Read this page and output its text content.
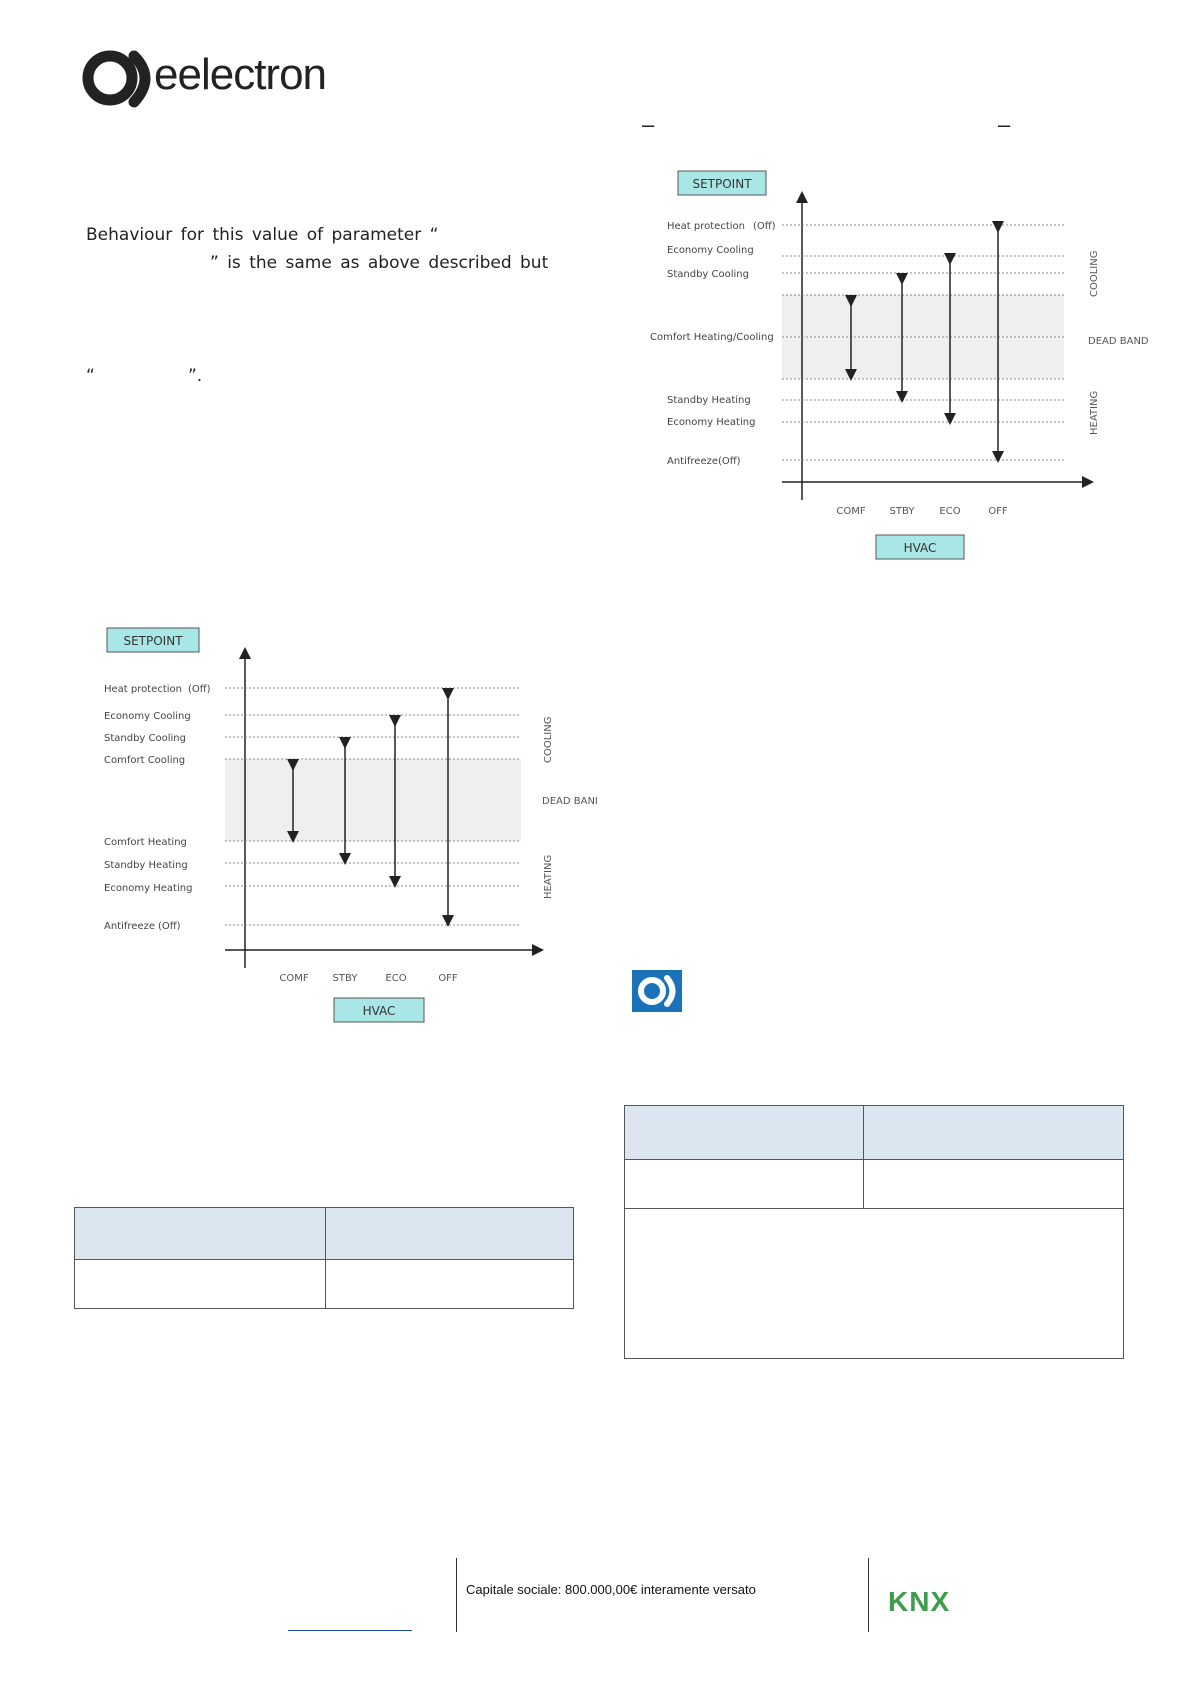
eelectron
–	–
Behaviour for this value of parameter “
” is the same as above described but
“	”.
SETPOINT
Heat protection (Off)
Economy Cooling
Standby Cooling
Comfort Heating/Cooling
Standby Heating
Economy Heating
Antifreeze (Off)
COMF STBY ECO	OFF
HVAC
COOLING
DEAD BAND
HEATING
SETPOINT
Heat protection (Off)
Economy Cooling
Standby Cooling
Comfort Cooling
Comfort Heating
Standby Heating
Economy Heating
Antifreeze (Off)
COMF STBY	ECO	OFF
HVAC
COOLING
DEAD BANI
HEATING

Capitale sociale: 800.000,00€ interamente versato	KNX
